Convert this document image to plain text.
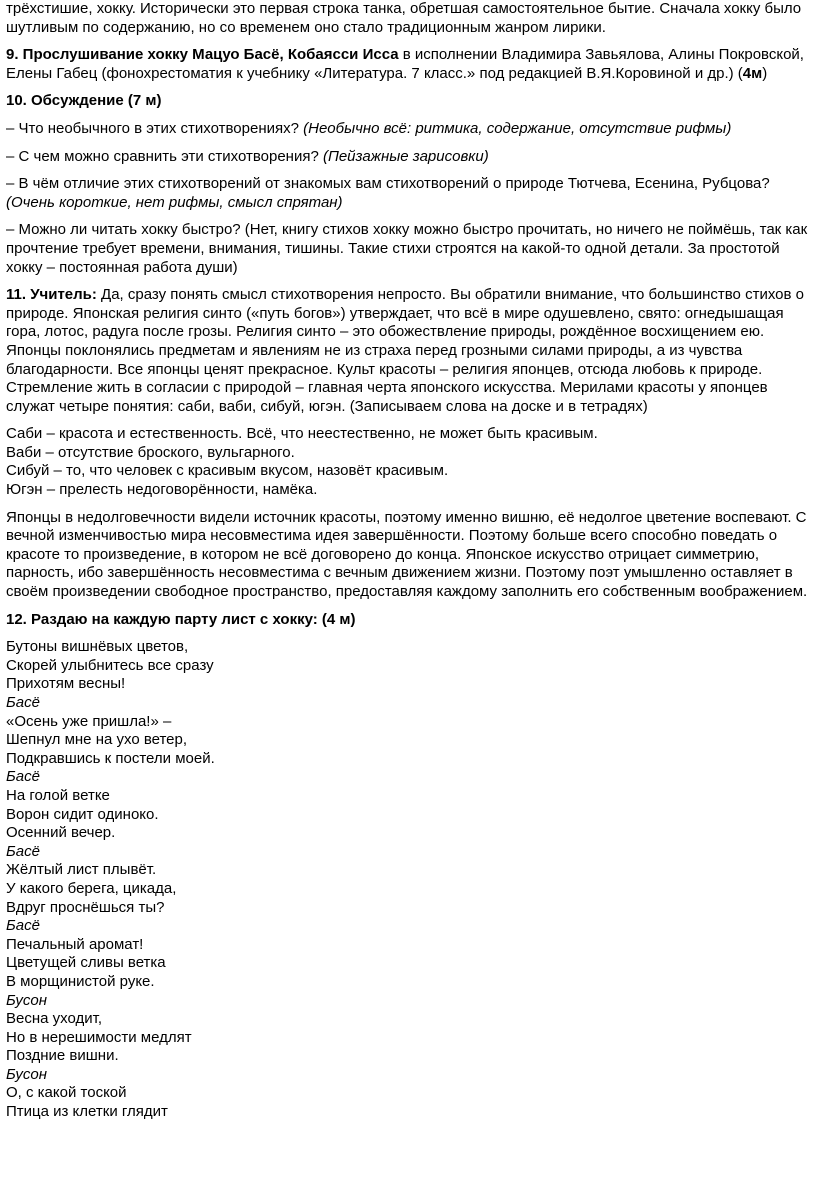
трёхстишие, хокку. Исторически это первая строка танка, обретшая самостоятельное бытие. Сначала хокку было шутливым по содержанию, но со временем оно стало традиционным жанром лирики.

9. Прослушивание хокку Мацуо Басё, Кобаясси Исса в исполнении Владимира Завьялова, Алины Покровской, Елены Габец (фонохрестоматия к учебнику «Литература. 7 класс.» под редакцией В.Я.Коровиной и др.) (4м)

10. Обсуждение (7 м)

– Что необычного в этих стихотворениях? (Необычно всё: ритмика, содержание, отсутствие рифмы)

– С чем можно сравнить эти стихотворения? (Пейзажные зарисовки)

– В чём отличие этих стихотворений от знакомых вам стихотворений о природе Тютчева, Есенина, Рубцова? (Очень короткие, нет рифмы, смысл спрятан)

– Можно ли читать хокку быстро? (Нет, книгу стихов хокку можно быстро прочитать, но ничего не поймёшь, так как прочтение требует времени, внимания, тишины. Такие стихи строятся на какой-то одной детали. За простотой хокку – постоянная работа души)

11. Учитель: Да, сразу понять смысл стихотворения непросто. Вы обратили внимание, что большинство стихов о природе. Японская религия синто («путь богов») утверждает, что всё в мире одушевлено, свято: огнедышащая гора, лотос, радуга после грозы. Религия синто – это обожествление природы, рождённое восхищением ею. Японцы поклонялись предметам и явлениям не из страха перед грозными силами природы, а из чувства благодарности. Все японцы ценят прекрасное. Культ красоты – религия японцев, отсюда любовь к природе. Стремление жить в согласии с природой – главная черта японского искусства. Мерилами красоты у японцев служат четыре понятия: саби, ваби, сибуй, югэн. (Записываем слова на доске и в тетрадях)

Саби – красота и естественность. Всё, что неестественно, не может быть красивым.
Ваби – отсутствие броского, вульгарного.
Сибуй – то, что человек с красивым вкусом, назовёт красивым.
Югэн – прелесть недоговорённости, намёка.

Японцы в недолговечности видели источник красоты, поэтому именно вишню, её недолгое цветение воспевают. С вечной изменчивостью мира несовместима идея завершённости. Поэтому больше всего способно поведать о красоте то произведение, в котором не всё договорено до конца. Японское искусство отрицает симметрию, парность, ибо завершённость несовместима с вечным движением жизни. Поэтому поэт умышленно оставляет в своём произведении свободное пространство, предоставляя каждому заполнить его собственным воображением.

12. Раздаю на каждую парту лист с хокку: (4 м)

Бутоны вишнёвых цветов,
Скорей улыбнитесь все сразу
Прихотям весны!
Басё
«Осень уже пришла!» –
Шепнул мне на ухо ветер,
Подкравшись к постели моей.
Басё
На голой ветке
Ворон сидит одиноко.
Осенний вечер.
Басё
Жёлтый лист плывёт.
У какого берега, цикада,
Вдруг проснёшься ты?
Басё
Печальный аромат!
Цветущей сливы ветка
В морщинистой руке.
Бусон
Весна уходит,
Но в нерешимости медлят
Поздние вишни.
Бусон
О, с какой тоской
Птица из клетки глядит
